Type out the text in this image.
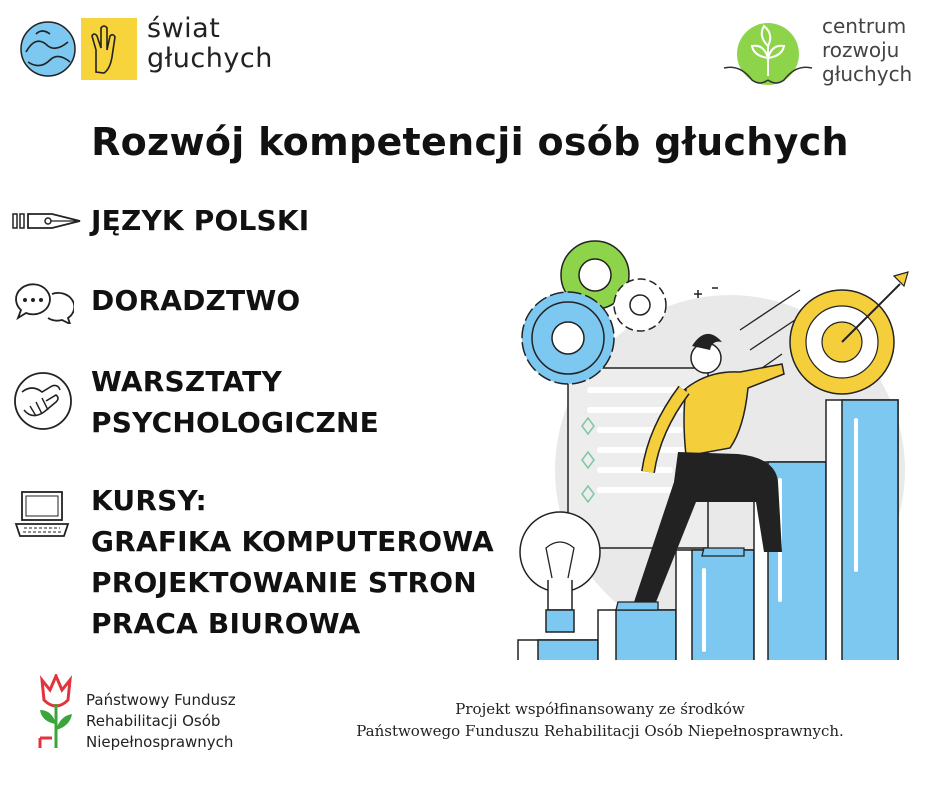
świat
głuchych
centrum
rozwoju
głuchych
Rozwój kompetencji osób głuchych
JĘZYK POLSKI
DORADZTWO
WARSZTATY
PSYCHOLOGICZNE
KURSY:
GRAFIKA KOMPUTEROWA
PROJEKTOWANIE STRON
PRACA BIUROWA
Państwowy Fundusz
Rehabilitacji Osób
Niepełnosprawnych
Projekt współfinansowany ze środków
Państwowego Funduszu Rehabilitacji Osób Niepełnosprawnych.
